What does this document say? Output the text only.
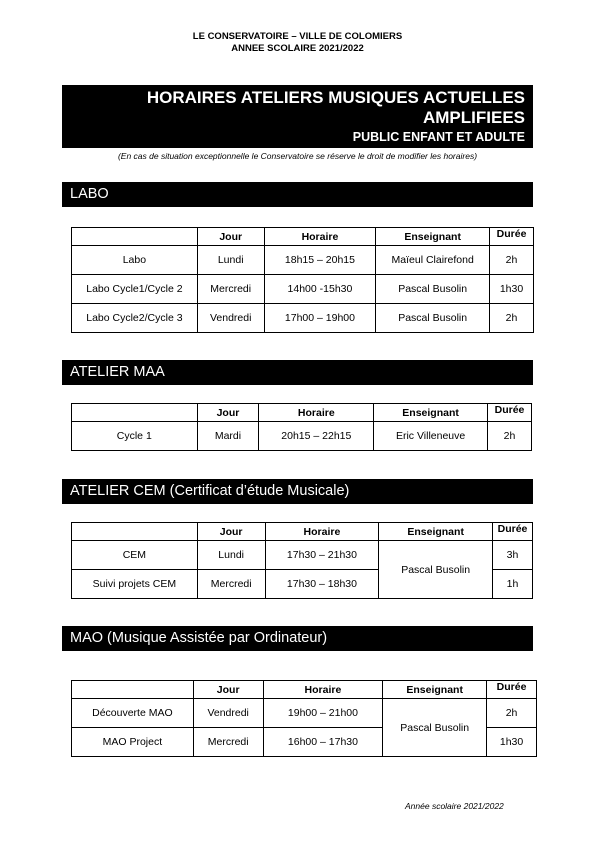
LE CONSERVATOIRE – VILLE DE COLOMIERS
ANNEE SCOLAIRE 2021/2022
HORAIRES ATELIERS MUSIQUES ACTUELLES
AMPLIFIEES
PUBLIC ENFANT ET ADULTE
(En cas de situation exceptionnelle le Conservatoire se réserve le droit de modifier les horaires)
LABO
	Jour	Horaire	Enseignant	Durée
Labo	Lundi	18h15 – 20h15	Maïeul Clairefond	2h
Labo Cycle1/Cycle 2	Mercredi	14h00 -15h30	Pascal Busolin	1h30
Labo Cycle2/Cycle 3	Vendredi	17h00 – 19h00	Pascal Busolin	2h
ATELIER MAA
	Jour	Horaire	Enseignant	Durée
Cycle 1	Mardi	20h15 – 22h15	Eric Villeneuve	2h
ATELIER CEM (Certificat d’étude Musicale)
	Jour	Horaire	Enseignant	Durée
CEM	Lundi	17h30 – 21h30	Pascal Busolin	3h
Suivi projets CEM	Mercredi	17h30 – 18h30		1h
MAO (Musique Assistée par Ordinateur)
	Jour	Horaire	Enseignant	Durée
Découverte MAO	Vendredi	19h00 – 21h00	Pascal Busolin	2h
MAO Project	Mercredi	16h00 – 17h30		1h30
Année scolaire 2021/2022
